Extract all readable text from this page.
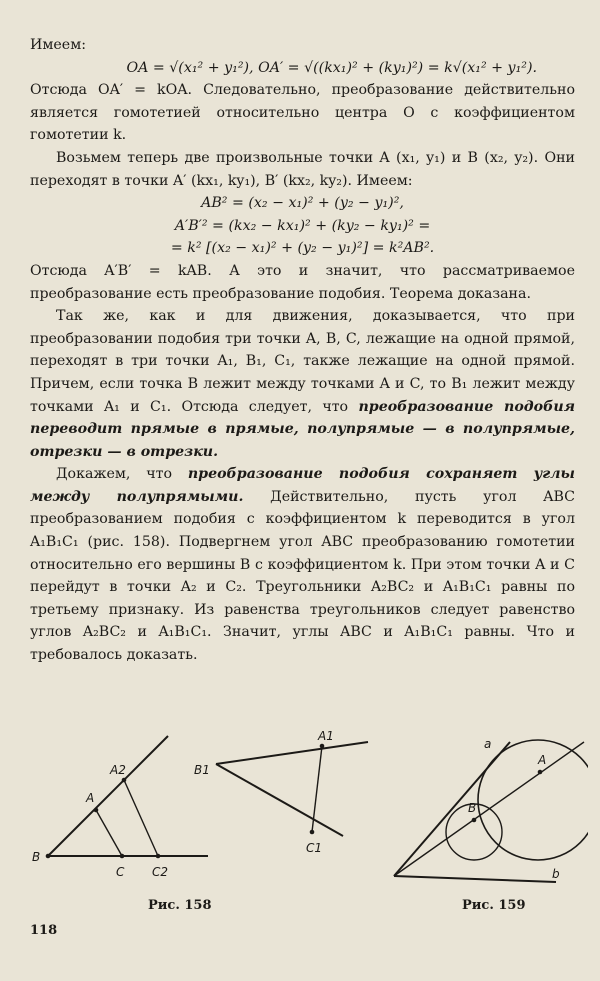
Имеем:

OA = √(x₁² + y₁²), OA′ = √((kx₁)² + (ky₁)²) = k√(x₁² + y₁²).

Отсюда OA′ = kOA. Следовательно, преобразование действительно является гомотетией относительно центра O с коэффициентом гомотетии k.

Возьмем теперь две произвольные точки A (x₁, y₁) и B (x₂, y₂). Они переходят в точки A′ (kx₁, ky₁), B′ (kx₂, ky₂). Имеем:

AB² = (x₂ − x₁)² + (y₂ − y₁)²,

A′B′² = (kx₂ − kx₁)² + (ky₂ − ky₁)² =

= k² [(x₂ − x₁)² + (y₂ − y₁)²] = k²AB².

Отсюда A′B′ = kAB. А это и значит, что рассматриваемое преобразование есть преобразование подобия. Теорема доказана.

Так же, как и для движения, доказывается, что при преобразовании подобия три точки A, B, C, лежащие на одной прямой, переходят в три точки A₁, B₁, C₁, также лежащие на одной прямой. Причем, если точка B лежит между точками A и C, то B₁ лежит между точками A₁ и C₁. Отсюда следует, что преобразование подобия переводит прямые в прямые, полупрямые — в полупрямые, отрезки — в отрезки.

Докажем, что преобразование подобия сохраняет углы между полупрямыми. Действительно, пусть угол ABC преобразованием подобия с коэффициентом k переводится в угол A₁B₁C₁ (рис. 158). Подвергнем угол ABC преобразованию гомотетии относительно его вершины B с коэффициентом k. При этом точки A и C перейдут в точки A₂ и C₂. Треугольники A₂BC₂ и A₁B₁C₁ равны по третьему признаку. Из равенства треугольников следует равенство углов A₂BC₂ и A₁B₁C₁. Значит, углы ABC и A₁B₁C₁ равны. Что и требовалось доказать.

A2
A
B
C C2
B1
A1
C1
a
A
B
b
Рис. 158	Рис. 159
118
